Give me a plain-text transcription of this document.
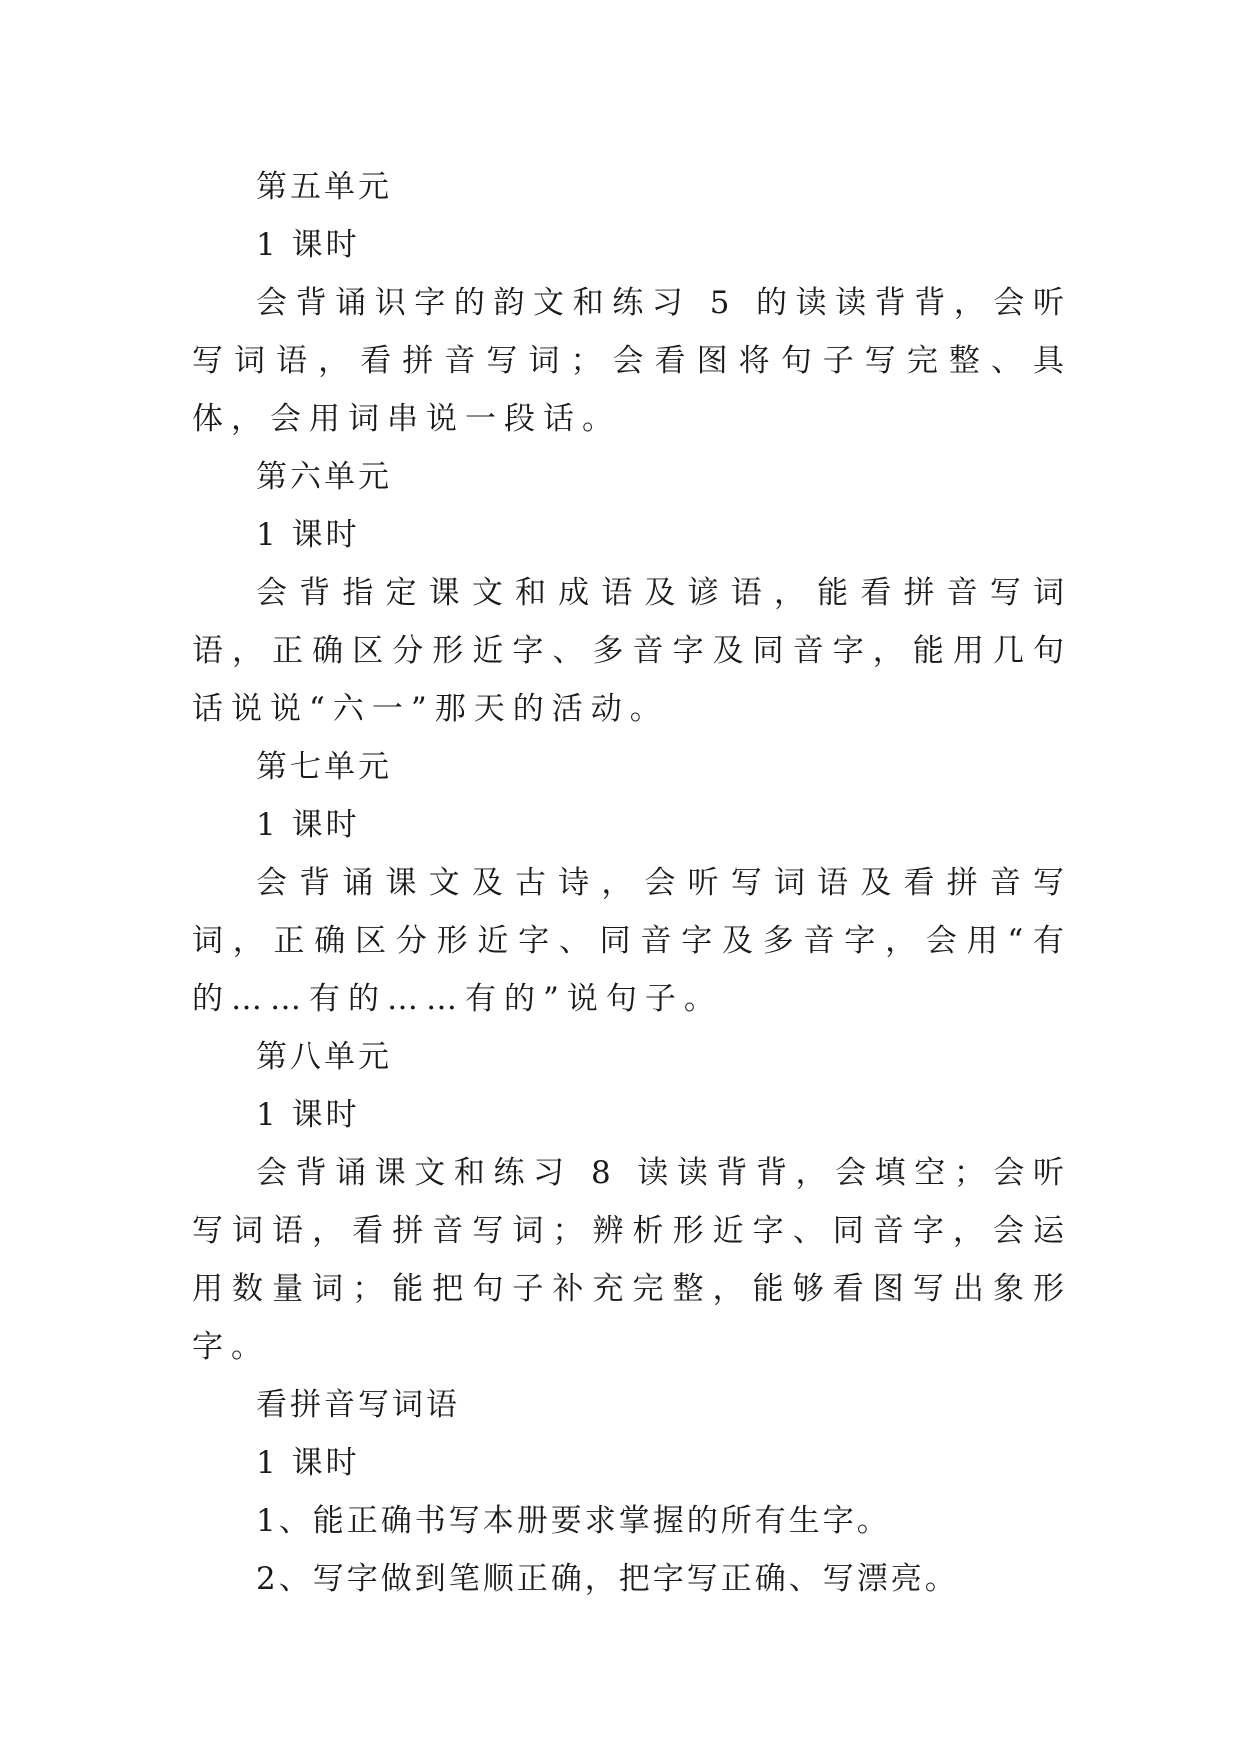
第五单元
1 课时
会背诵识字的韵文和练习 5 的读读背背，会听写词语，看拼音写词；会看图将句子写完整、具体，会用词串说一段话。
第六单元
1 课时
会背指定课文和成语及谚语，能看拼音写词语，正确区分形近字、多音字及同音字，能用几句话说说“六一”那天的活动。
第七单元
1 课时
会背诵课文及古诗，会听写词语及看拼音写词，正确区分形近字、同音字及多音字，会用“有的……有的……有的”说句子。
第八单元
1 课时
会背诵课文和练习 8 读读背背，会填空；会听写词语，看拼音写词；辨析形近字、同音字，会运用数量词；能把句子补充完整，能够看图写出象形字。
看拼音写词语
1 课时
1、能正确书写本册要求掌握的所有生字。
2、写字做到笔顺正确，把字写正确、写漂亮。
